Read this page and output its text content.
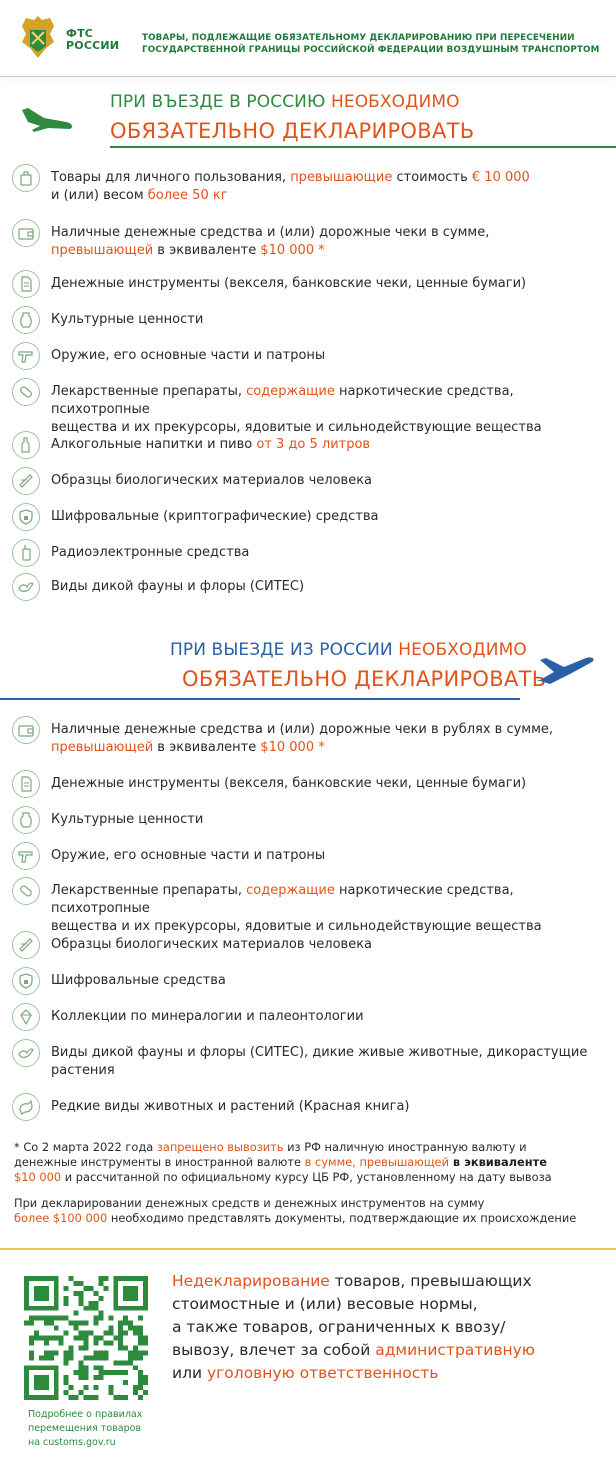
ФТС
РОССИИ
ТОВАРЫ, ПОДЛЕЖАЩИЕ ОБЯЗАТЕЛЬНОМУ ДЕКЛАРИРОВАНИЮ ПРИ ПЕРЕСЕЧЕНИИ
ГОСУДАРСТВЕННОЙ ГРАНИЦЫ РОССИЙСКОЙ ФЕДЕРАЦИИ ВОЗДУШНЫМ ТРАНСПОРТОМ
ПРИ ВЪЕЗДЕ В РОССИЮ НЕОБХОДИМО
ОБЯЗАТЕЛЬНО ДЕКЛАРИРОВАТЬ
Товары для личного пользования, превышающие стоимость € 10 000
и (или) весом более 50 кг
Наличные денежные средства и (или) дорожные чеки в сумме,
превышающей в эквиваленте $10 000 *
Денежные инструменты (векселя, банковские чеки, ценные бумаги)
Культурные ценности
Оружие, его основные части и патроны
Лекарственные препараты, содержащие наркотические средства, психотропные
вещества и их прекурсоры, ядовитые и сильнодействующие вещества
Алкогольные напитки и пиво от 3 до 5 литров
Образцы биологических материалов человека
Шифровальные (криптографические) средства
Радиоэлектронные средства
Виды дикой фауны и флоры (СИТЕС)
ПРИ ВЫЕЗДЕ ИЗ РОССИИ НЕОБХОДИМО
ОБЯЗАТЕЛЬНО ДЕКЛАРИРОВАТЬ
Наличные денежные средства и (или) дорожные чеки в рублях в сумме,
превышающей в эквиваленте $10 000 *
Денежные инструменты (векселя, банковские чеки, ценные бумаги)
Культурные ценности
Оружие, его основные части и патроны
Лекарственные препараты, содержащие наркотические средства, психотропные
вещества и их прекурсоры, ядовитые и сильнодействующие вещества
Образцы биологических материалов человека
Шифровальные средства
Коллекции по минералогии и палеонтологии
Виды дикой фауны и флоры (СИТЕС), дикие живые животные, дикорастущие
растения
Редкие виды животных и растений (Красная книга)
* Со 2 марта 2022 года запрещено вывозить из РФ наличную иностранную валюту и
денежные инструменты в иностранной валюте в сумме, превышающей в эквиваленте
$10 000 и рассчитанной по официальному курсу ЦБ РФ, установленному на дату вывоза
При декларировании денежных средств и денежных инструментов на сумму
более $100 000 необходимо представлять документы, подтверждающие их происхождение
Подробнее о правилах
перемещения товаров
на customs.gov.ru
Недекларирование товаров, превышающих
стоимостные и (или) весовые нормы,
а также товаров, ограниченных к ввозу/
вывозу, влечет за собой административную
или уголовную ответственность
